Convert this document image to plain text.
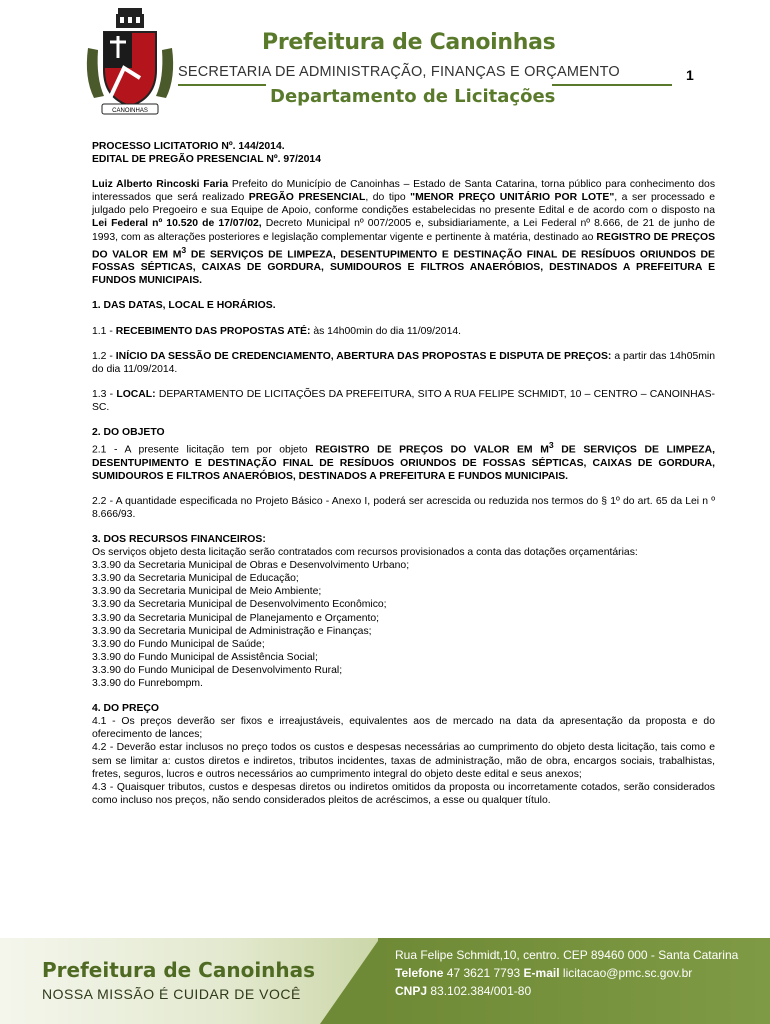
CANOINHAS
Prefeitura de Canoinhas
SECRETARIA DE ADMINISTRAÇÃO, FINANÇAS E ORÇAMENTO	1
Departamento de Licitações

PROCESSO LICITATORIO Nº. 144/2014.

EDITAL DE PREGÃO PRESENCIAL Nº. 97/2014

Luiz Alberto Rincoski Faria Prefeito do Município de Canoinhas – Estado de Santa Catarina, torna público para conhecimento dos interessados que será realizado PREGÃO PRESENCIAL, do tipo "MENOR PREÇO UNITÁRIO POR LOTE", a ser processado e julgado pelo Pregoeiro e sua Equipe de Apoio, conforme condições estabelecidas no presente Edital e de acordo com o disposto na Lei Federal nº 10.520 de 17/07/02, Decreto Municipal nº 007/2005 e, subsidiariamente, a Lei Federal nº 8.666, de 21 de junho de 1993, com as alterações posteriores e legislação complementar vigente e pertinente à matéria, destinado ao REGISTRO DE PREÇOS DO VALOR EM $M^3$ DE SERVIÇOS DE LIMPEZA, DESENTUPIMENTO E DESTINAÇÃO FINAL DE RESÍDUOS ORIUNDOS DE FOSSAS SÉPTICAS, CAIXAS DE GORDURA, SUMIDOUROS E FILTROS ANAERÓBIOS, DESTINADOS A PREFEITURA E FUNDOS MUNICIPAIS.

1. DAS DATAS, LOCAL E HORÁRIOS.

1.1 - RECEBIMENTO DAS PROPOSTAS ATÉ: às 14h00min do dia 11/09/2014.

1.2 - INÍCIO DA SESSÃO DE CREDENCIAMENTO, ABERTURA DAS PROPOSTAS E DISPUTA DE PREÇOS: a partir das 14h05min do dia 11/09/2014.

1.3 - LOCAL: DEPARTAMENTO DE LICITAÇÕES DA PREFEITURA, SITO A RUA FELIPE SCHMIDT, 10 – CENTRO – CANOINHAS-SC.

2. DO OBJETO

2.1 - A presente licitação tem por objeto REGISTRO DE PREÇOS DO VALOR EM $M^3$ DE SERVIÇOS DE LIMPEZA, DESENTUPIMENTO E DESTINAÇÃO FINAL DE RESÍDUOS ORIUNDOS DE FOSSAS SÉPTICAS, CAIXAS DE GORDURA, SUMIDOUROS E FILTROS ANAERÓBIOS, DESTINADOS A PREFEITURA E FUNDOS MUNICIPAIS.

2.2 - A quantidade especificada no Projeto Básico - Anexo I, poderá ser acrescida ou reduzida nos termos do § 1º do art. 65 da Lei n º 8.666/93.

3. DOS RECURSOS FINANCEIROS:

Os serviços objeto desta licitação serão contratados com recursos provisionados a conta das dotações orçamentárias:

3.3.90 da Secretaria Municipal de Obras e Desenvolvimento Urbano;

3.3.90 da Secretaria Municipal de Educação;

3.3.90 da Secretaria Municipal de Meio Ambiente;

3.3.90 da Secretaria Municipal de Desenvolvimento Econômico;

3.3.90 da Secretaria Municipal de Planejamento e Orçamento;

3.3.90 da Secretaria Municipal de Administração e Finanças;

3.3.90 do Fundo Municipal de Saúde;

3.3.90 do Fundo Municipal de Assistência Social;

3.3.90 do Fundo Municipal de Desenvolvimento Rural;

3.3.90 do Funrebompm.

4. DO PREÇO

4.1 - Os preços deverão ser fixos e irreajustáveis, equivalentes aos de mercado na data da apresentação da proposta e do oferecimento de lances;

4.2 - Deverão estar inclusos no preço todos os custos e despesas necessárias ao cumprimento do objeto desta licitação, tais como e sem se limitar a: custos diretos e indiretos, tributos incidentes, taxas de administração, mão de obra, encargos sociais, trabalhistas, fretes, seguros, lucros e outros necessários ao cumprimento integral do objeto deste edital e seus anexos;

4.3 - Quaisquer tributos, custos e despesas diretos ou indiretos omitidos da proposta ou incorretamente cotados, serão considerados como incluso nos preços, não sendo considerados pleitos de acréscimos, a esse ou qualquer título.

Prefeitura de Canoinhas
NOSSA MISSÃO É CUIDAR DE VOCÊ
Rua Felipe Schmidt,10, centro. CEP 89460 000 - Santa Catarina
Telefone 47 3621 7793 E-mail licitacao@pmc.sc.gov.br
CNPJ 83.102.384/001-80
